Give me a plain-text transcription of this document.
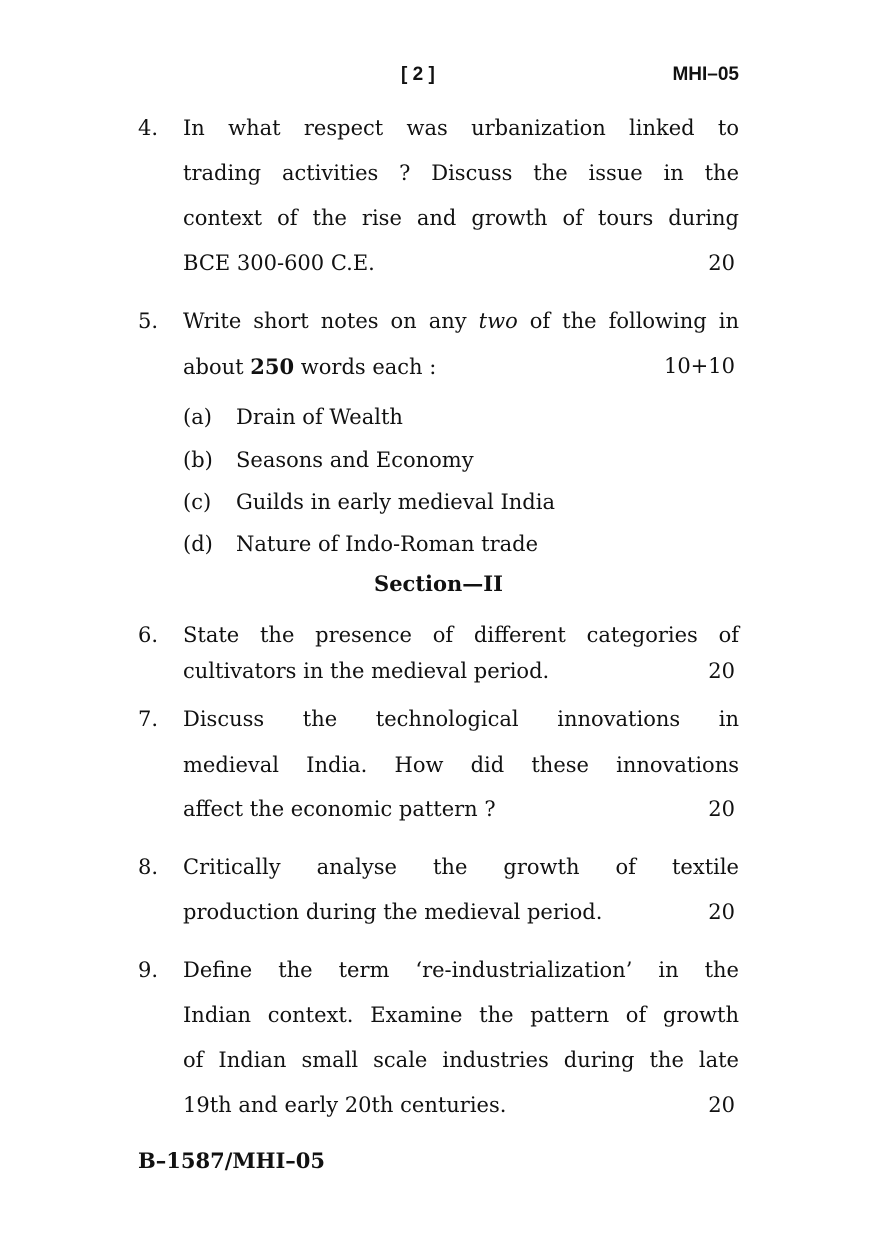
[ 2 ]	MHI–05
4. In what respect was urbanization linked to
trading activities ? Discuss the issue in the
context of the rise and growth of tours during
BCE 300-600 C.E.	20
5. Write short notes on any two of the following in
about 250 words each :	10+10
(a) Drain of Wealth
(b) Seasons and Economy
(c) Guilds in early medieval India
(d) Nature of Indo-Roman trade
Section—II
6. State the presence of different categories of
cultivators in the medieval period.	20
7. Discuss the technological innovations in
medieval India. How did these innovations
affect the economic pattern ?	20
8. Critically analyse the growth of textile
production during the medieval period.	20
9. Define the term ‘re-industrialization’ in the
Indian context. Examine the pattern of growth
of Indian small scale industries during the late
19th and early 20th centuries.	20
B–1587/MHI–05
